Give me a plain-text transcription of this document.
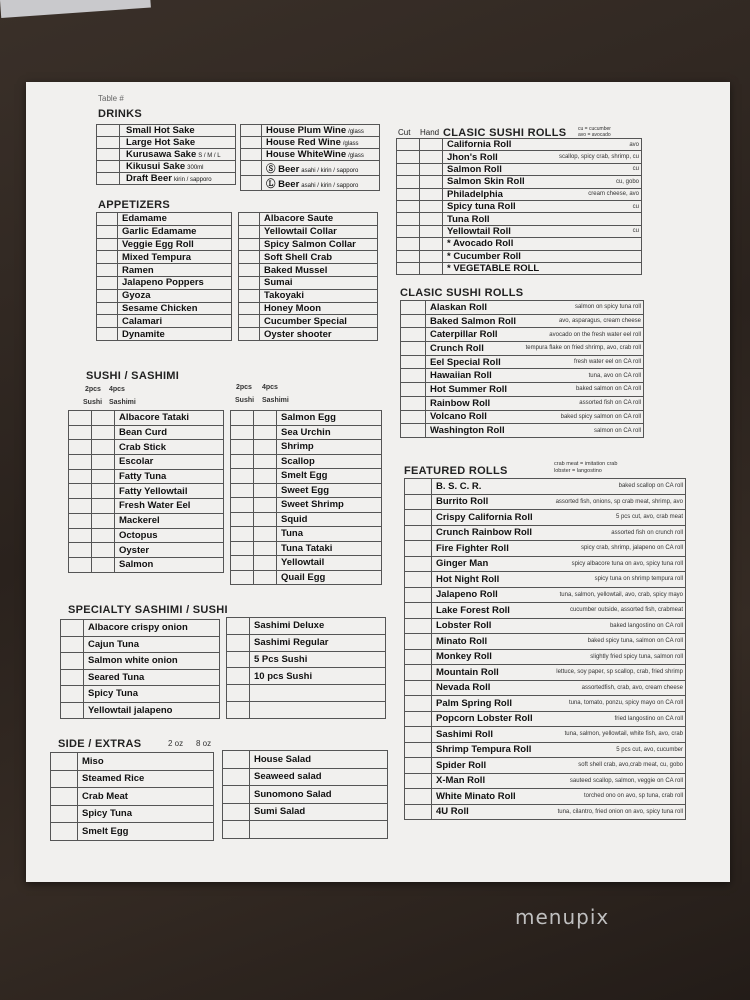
Table #
DRINKS
	Small Hot Sake
	Large Hot Sake
	Kurusawa Sake S / M / L
	Kikusui Sake 300ml
	Draft Beer kirin / sapporo
	House Plum Wine /glass
	House Red Wine /glass
	House WhiteWine /glass
	Ⓢ Beer asahi / kirin / sapporo
	Ⓛ Beer asahi / kirin / sapporo
APPETIZERS
	Edamame
	Garlic Edamame
	Veggie Egg Roll
	Mixed Tempura
	Ramen
	Jalapeno Poppers
	Gyoza
	Sesame Chicken
	Calamari
	Dynamite
	Albacore Saute
	Yellowtail Collar
	Spicy Salmon Collar
	Soft Shell Crab
	Baked Mussel
	Sumai
	Takoyaki
	Honey Moon
	Cucumber Special
	Oyster shooter
SUSHI / SASHIMI
2pcs 4pcs
Sushi Sashimi
2pcs 4pcs
Sushi Sashimi
		Albacore Tataki
		Bean Curd
		Crab Stick
		Escolar
		Fatty Tuna
		Fatty Yellowtail
		Fresh Water Eel
		Mackerel
		Octopus
		Oyster
		Salmon
		Salmon Egg
		Sea Urchin
		Shrimp
		Scallop
		Smelt Egg
		Sweet Egg
		Sweet Shrimp
		Squid
		Tuna
		Tuna Tataki
		Yellowtail
		Quail Egg
SPECIALTY SASHIMI / SUSHI
	Albacore crispy onion
	Cajun Tuna
	Salmon white onion
	Seared Tuna
	Spicy Tuna
	Yellowtail jalapeno
	Sashimi Deluxe
	Sashimi Regular
	5 Pcs Sushi
	10 pcs Sushi

SIDE / EXTRAS	2 oz 8 oz
	Miso
	Steamed Rice
	Crab Meat
	Spicy Tuna
	Smelt Egg
	House Salad
	Seaweed salad
	Sunomono Salad
	Sumi Salad

Cut Hand CLASIC SUSHI ROLLS cu = cucumber
avo = avocado
		California Roll	avo
		Jhon's Roll	scallop, spicy crab, shrimp, cu
		Salmon Roll	cu
		Salmon Skin Roll	cu, gobo
		Philadelphia	cream cheese, avo
		Spicy tuna Roll	cu
		Tuna Roll	
		Yellowtail Roll	cu
		* Avocado Roll	
		* Cucumber Roll	
		* VEGETABLE ROLL	
CLASIC SUSHI ROLLS
	Alaskan Roll	salmon on spicy tuna roll
	Baked Salmon Roll	avo, asparagus, cream cheese
	Caterpillar Roll	avocado on the fresh water eel roll
	Crunch Roll	tempura flake on fried shrimp, avo, crab roll
	Eel Special Roll	fresh water eel on CA roll
	Hawaiian Roll	tuna, avo on CA roll
	Hot Summer Roll	baked salmon on CA roll
	Rainbow Roll	assorted fish on CA roll
	Volcano Roll	baked spicy salmon on CA roll
	Washington Roll	salmon on CA roll
FEATURED ROLLS
crab meat = imitation crab
lobster = langostino
	B. S. C. R.	baked scallop on CA roll
	Burrito Roll	assorted fish, onions, sp crab meat, shrimp, avo
	Crispy California Roll	5 pcs cut, avo, crab meat
	Crunch Rainbow Roll	assorted fish on crunch roll
	Fire Fighter Roll	spicy crab, shrimp, jalapeno on CA roll
	Ginger Man	spicy albacore tuna on avo, spicy tuna roll
	Hot Night Roll	spicy tuna on shrimp tempura roll
	Jalapeno Roll	tuna, salmon, yellowtail, avo, crab, spicy mayo
	Lake Forest Roll	cucumber outside, assorted fish, crabmeat
	Lobster Roll	baked langostino on CA roll
	Minato Roll	baked spicy tuna, salmon on CA roll
	Monkey Roll	slightly fried spicy tuna, salmon roll
	Mountain Roll	lettuce, soy paper, sp scallop, crab, fried shrimp
	Nevada Roll	assortedfish, crab, avo, cream cheese
	Palm Spring Roll	tuna, tomato, ponzu, spicy mayo on CA roll
	Popcorn Lobster Roll	fried langostino on CA roll
	Sashimi Roll	tuna, salmon, yellowtail, white fish, avo, crab
	Shrimp Tempura Roll	5 pcs cut, avo, cucumber
	Spider Roll	soft shell crab, avo,crab meat, cu, gobo
	X-Man Roll	sauteed scallop, salmon, veggie on CA roll
	White Minato Roll	torched ono on avo, sp tuna, crab roll
	4U Roll	tuna, cilantro, fried onion on avo, spicy tuna roll
menupix
